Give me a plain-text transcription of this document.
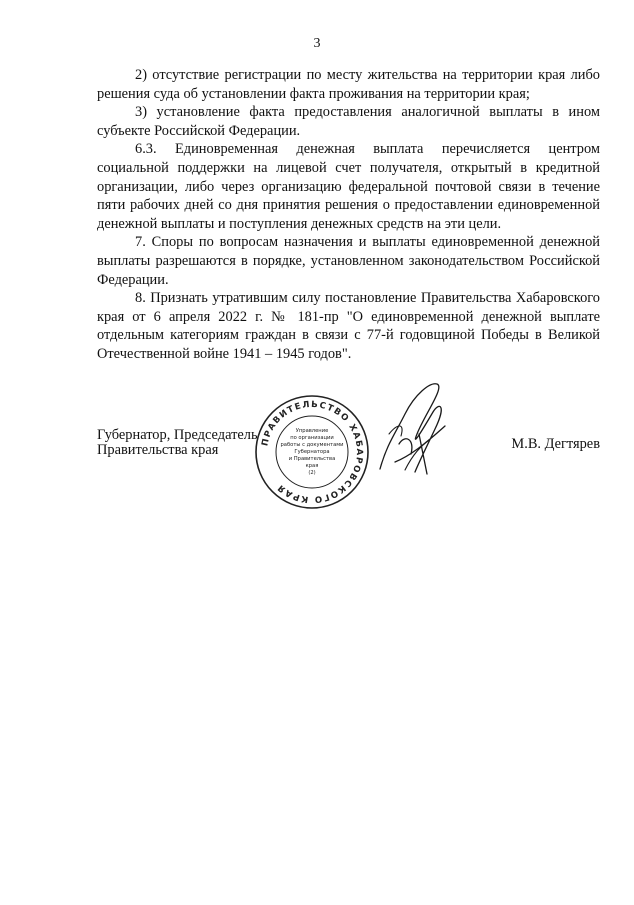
3

2) отсутствие регистрации по месту жительства на территории края либо решения суда об установлении факта проживания на территории края;

3) установление факта предоставления аналогичной выплаты в ином субъекте Российской Федерации.

6.3. Единовременная денежная выплата перечисляется центром социальной поддержки на лицевой счет получателя, открытый в кредитной организации, либо через организацию федеральной почтовой связи в течение пяти рабочих дней со дня принятия решения о предоставлении единовременной денежной выплаты и поступления денежных средств на эти цели.

7. Споры по вопросам назначения и выплаты единовременной денежной выплаты разрешаются в порядке, установленном законодательством Российской Федерации.

8. Признать утратившим силу постановление Правительства Хабаровского края от 6 апреля 2022 г. № 181-пр "О единовременной денежной выплате отдельным категориям граждан в связи с 77-й годовщиной Победы в Великой Отечественной войне 1941 – 1945 годов".

Губернатор, Председатель
Правительства края
ПРАВИТЕЛЬСТВО ХАБАРОВСКОГО КРАЯ
Управление
по организации
работы с документами
Губернатора
и Правительства
края
(2)
М.В. Дегтярев
